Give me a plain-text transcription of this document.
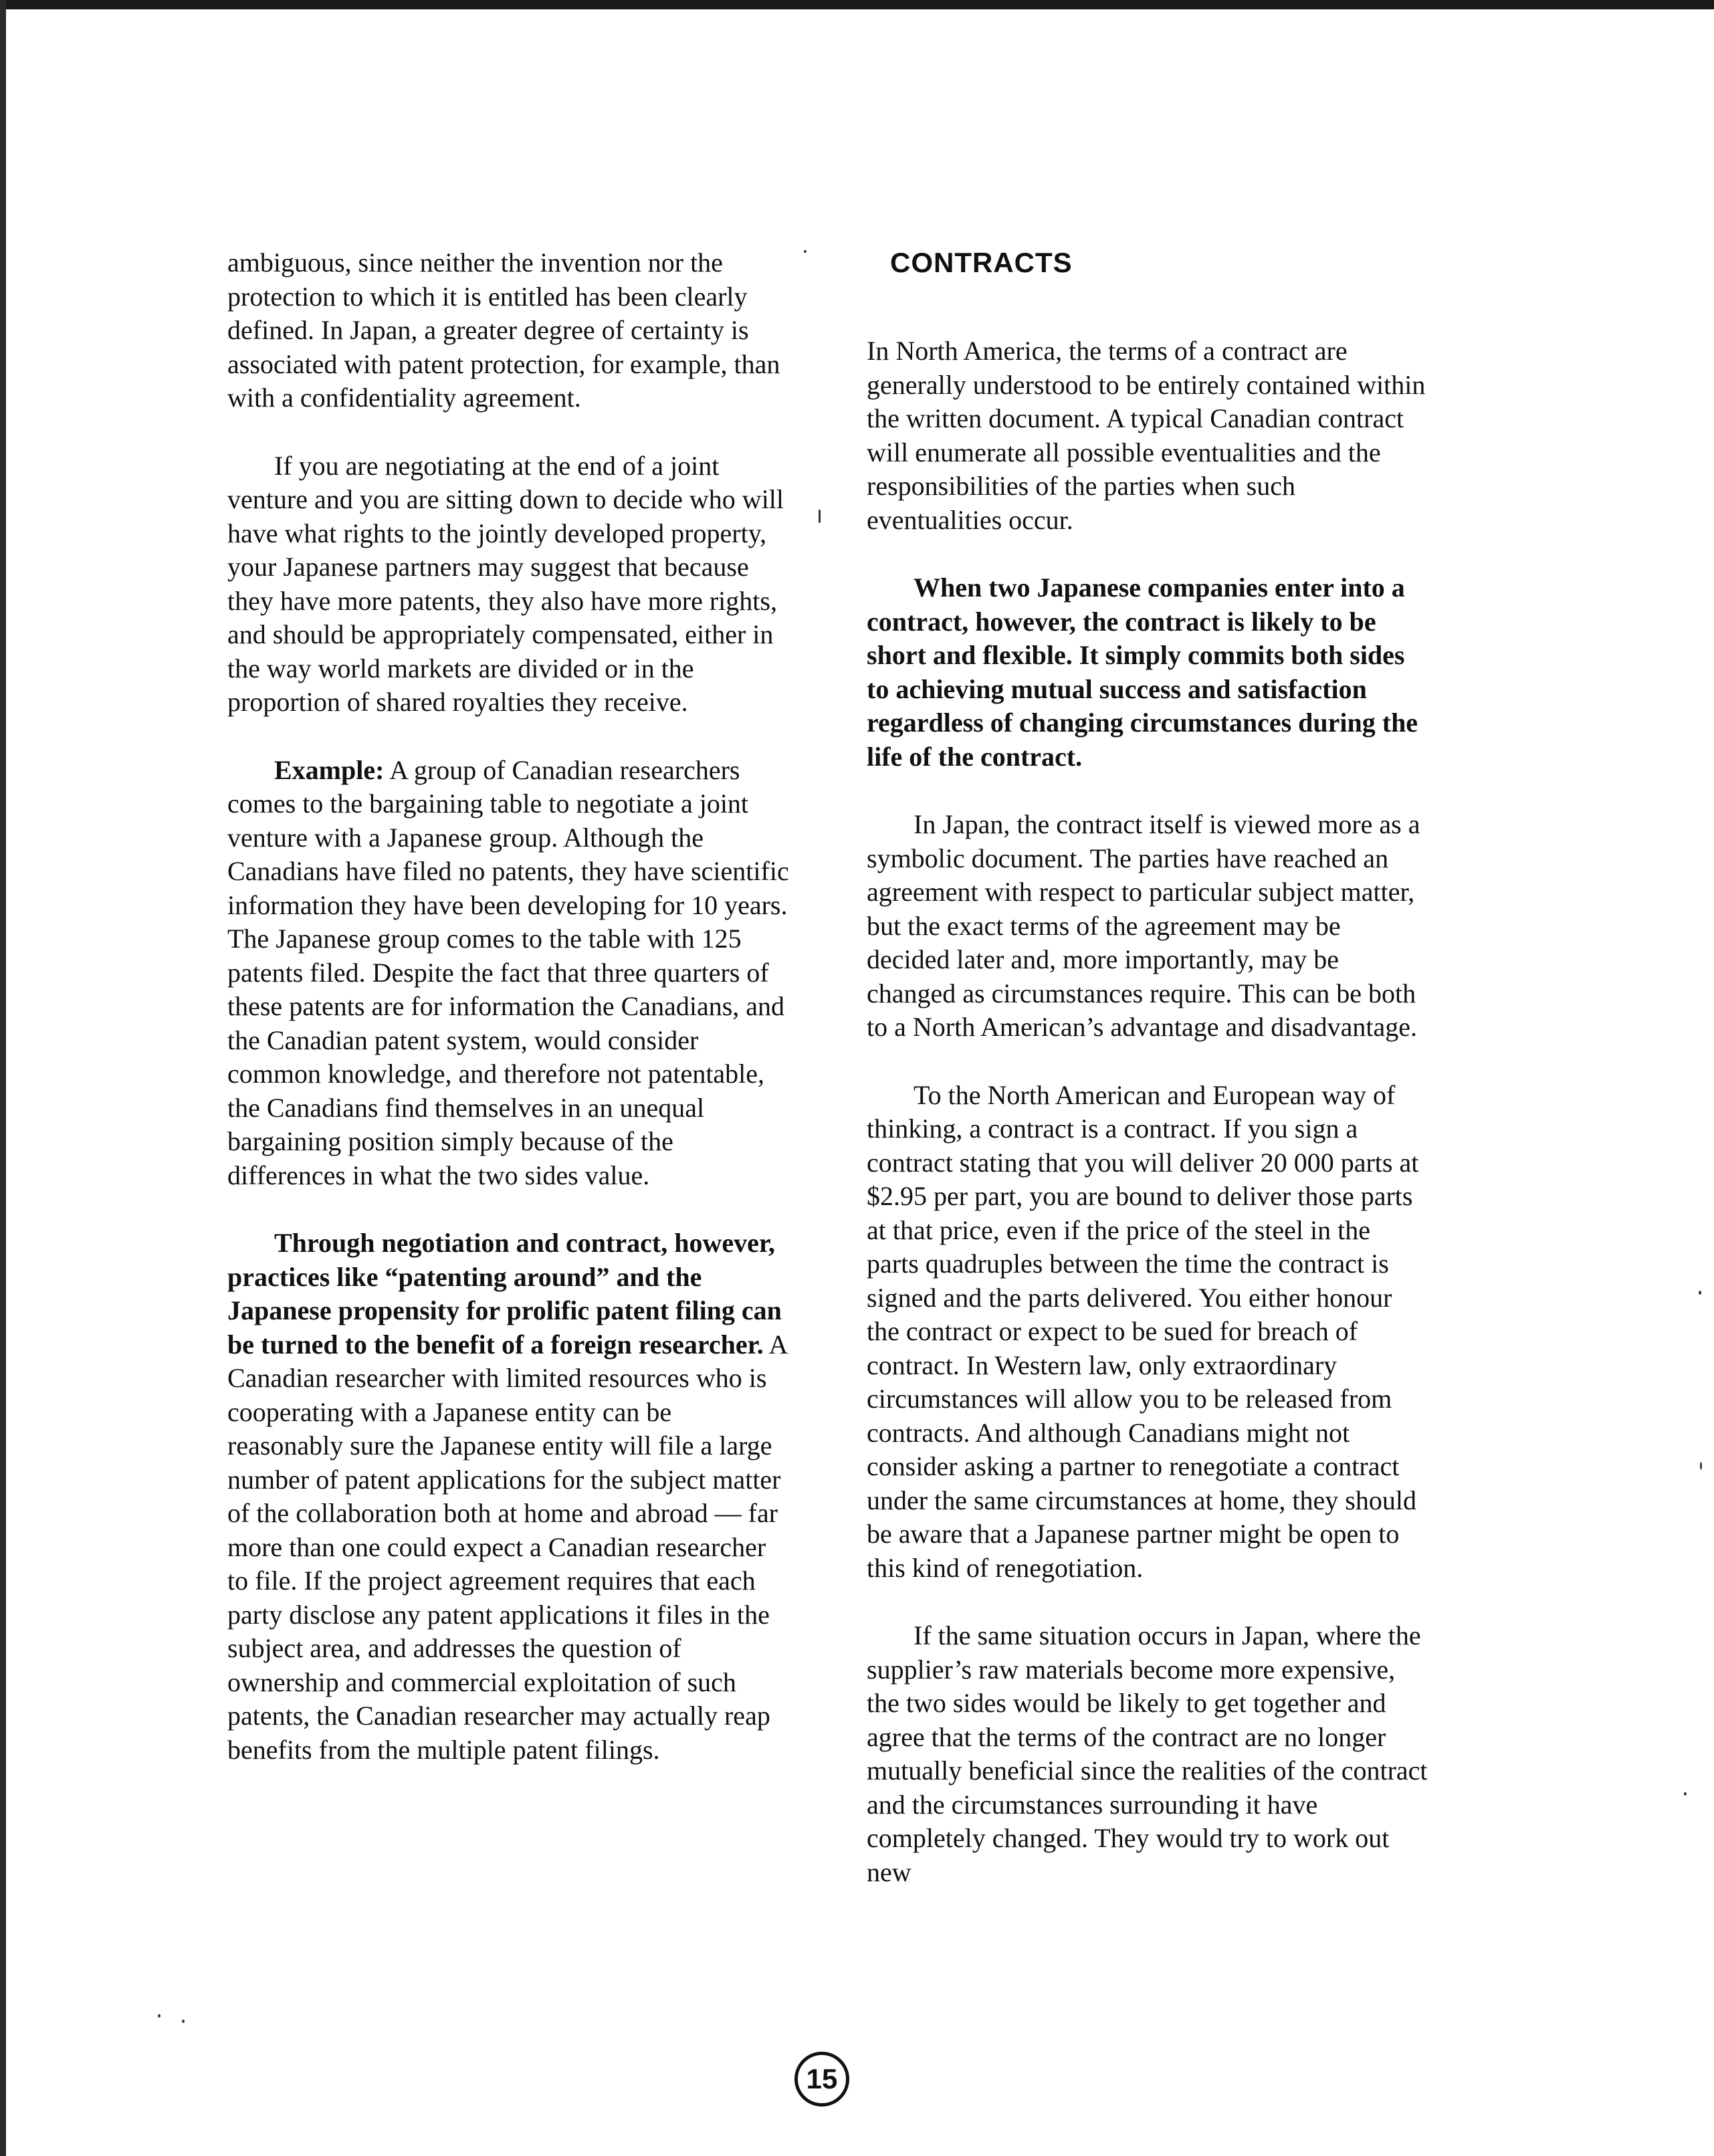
ambiguous, since neither the invention nor the protection to which it is entitled has been clearly defined. In Japan, a greater degree of certainty is associated with patent protection, for example, than with a confidentiality agreement.

If you are negotiating at the end of a joint venture and you are sitting down to decide who will have what rights to the jointly developed property, your Japanese partners may suggest that because they have more patents, they also have more rights, and should be appropriately compensated, either in the way world markets are divided or in the proportion of shared royalties they receive.

Example: A group of Canadian researchers comes to the bargaining table to negotiate a joint venture with a Japanese group. Although the Canadians have filed no patents, they have scientific information they have been developing for 10 years. The Japanese group comes to the table with 125 patents filed. Despite the fact that three quarters of these patents are for information the Canadians, and the Canadian patent system, would consider common knowledge, and therefore not patentable, the Canadians find themselves in an unequal bargaining position simply because of the differences in what the two sides value.

Through negotiation and contract, however, practices like “patenting around” and the Japanese propensity for prolific patent filing can be turned to the benefit of a foreign researcher. A Canadian researcher with limited resources who is cooperating with a Japanese entity can be reasonably sure the Japanese entity will file a large number of patent applications for the subject matter of the collaboration both at home and abroad — far more than one could expect a Canadian researcher to file. If the project agreement requires that each party disclose any patent applications it files in the subject area, and addresses the question of ownership and commercial exploitation of such patents, the Canadian researcher may actually reap benefits from the multiple patent filings.

CONTRACTS

In North America, the terms of a contract are generally understood to be entirely contained within the written document. A typical Canadian contract will enumerate all possible eventualities and the responsibilities of the parties when such eventualities occur.

When two Japanese companies enter into a contract, however, the contract is likely to be short and flexible. It simply commits both sides to achieving mutual success and satisfaction regardless of changing circumstances during the life of the contract.

In Japan, the contract itself is viewed more as a symbolic document. The parties have reached an agreement with respect to particular subject matter, but the exact terms of the agreement may be decided later and, more importantly, may be changed as circumstances require. This can be both to a North American’s advantage and disadvantage.

To the North American and European way of thinking, a contract is a contract. If you sign a contract stating that you will deliver 20 000 parts at $2.95 per part, you are bound to deliver those parts at that price, even if the price of the steel in the parts quadruples between the time the contract is signed and the parts delivered. You either honour the contract or expect to be sued for breach of contract. In Western law, only extraordinary circumstances will allow you to be released from contracts. And although Canadians might not consider asking a partner to renegotiate a contract under the same circumstances at home, they should be aware that a Japanese partner might be open to this kind of renegotiation.

If the same situation occurs in Japan, where the supplier’s raw materials become more expensive, the two sides would be likely to get together and agree that the terms of the contract are no longer mutually beneficial since the realities of the contract and the circumstances surrounding it have completely changed. They would try to work out new

15
